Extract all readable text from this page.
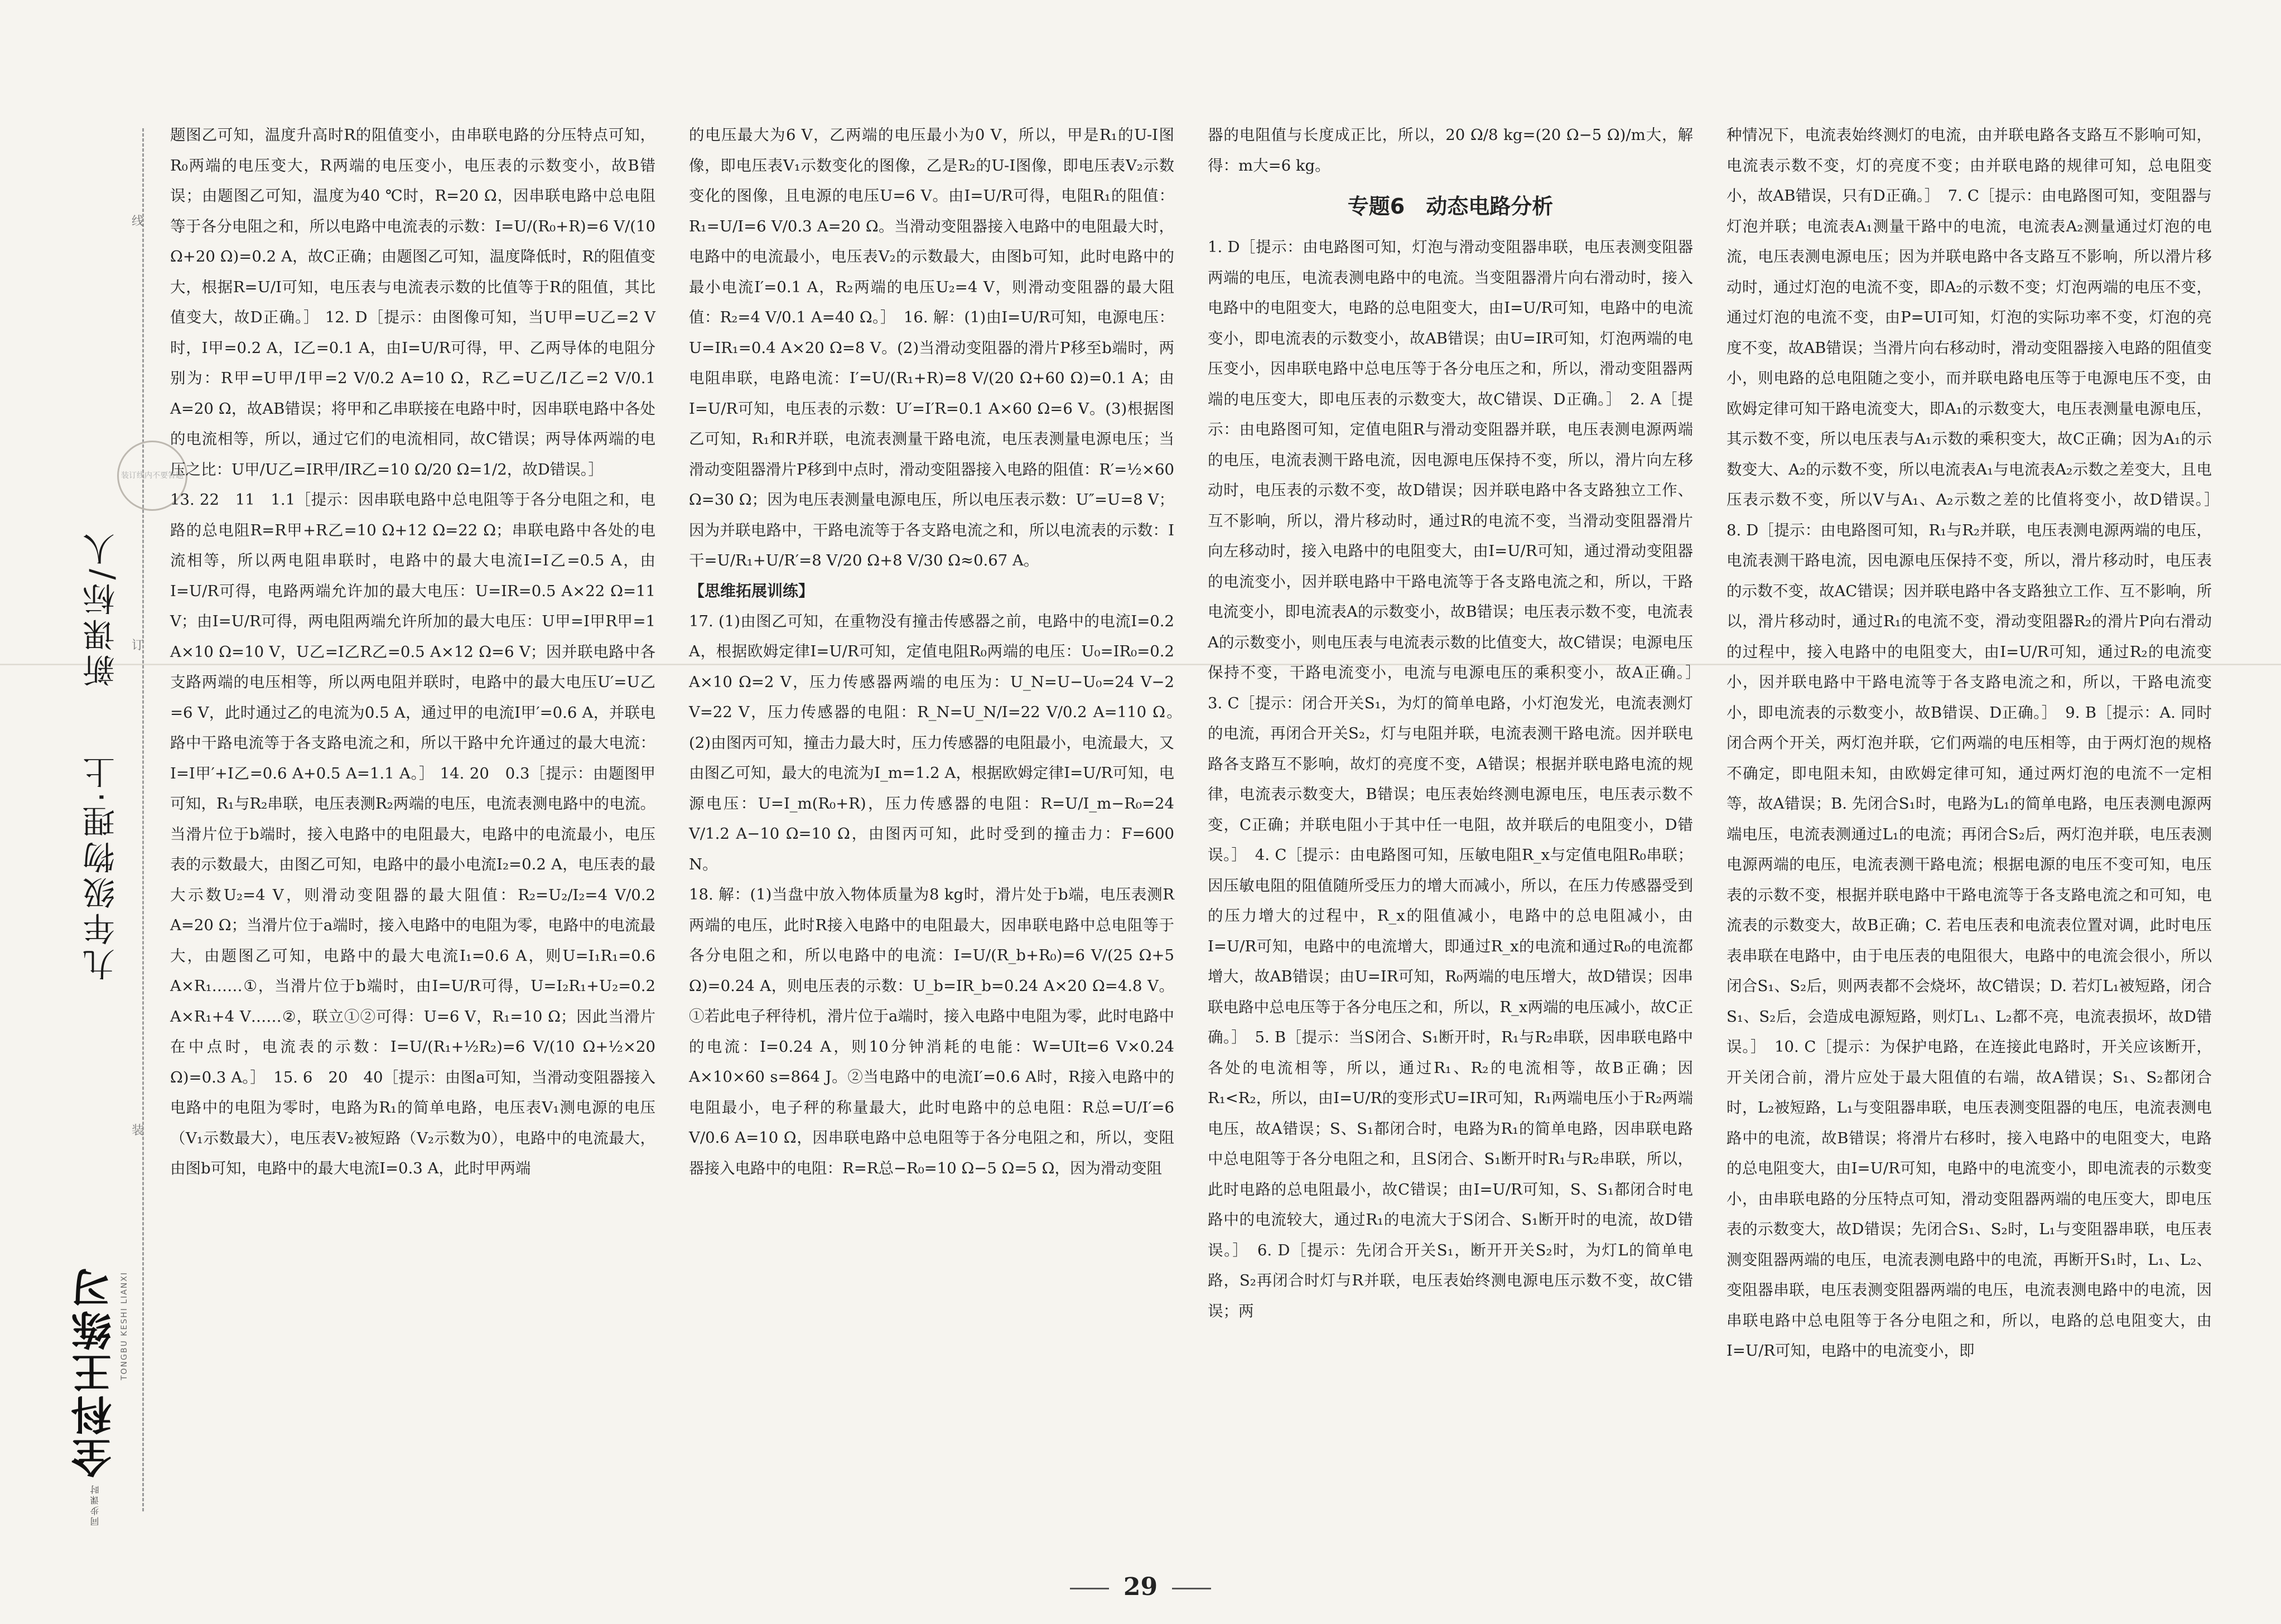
新课标/人
九年级物理·上
全科王练习
同步课时
TONGBU KESHI LIANXI
线
订
装
装订线内不要答题

题图乙可知，温度升高时R的阻值变小，由串联电路的分压特点可知，R₀两端的电压变大，R两端的电压变小，电压表的示数变小，故B错误；由题图乙可知，温度为40 ℃时，R=20 Ω，因串联电路中总电阻等于各分电阻之和，所以电路中电流表的示数：I=U/(R₀+R)=6 V/(10 Ω+20 Ω)=0.2 A，故C正确；由题图乙可知，温度降低时，R的阻值变大，根据R=U/I可知，电压表与电流表示数的比值等于R的阻值，其比值变大，故D正确。］ 12. D［提示：由图像可知，当U甲=U乙=2 V时，I甲=0.2 A，I乙=0.1 A，由I=U/R可得，甲、乙两导体的电阻分别为：R甲=U甲/I甲=2 V/0.2 A=10 Ω，R乙=U乙/I乙=2 V/0.1 A=20 Ω，故AB错误；将甲和乙串联接在电路中时，因串联电路中各处的电流相等，所以，通过它们的电流相同，故C错误；两导体两端的电压之比：U甲/U乙=IR甲/IR乙=10 Ω/20 Ω=1/2，故D错误。］

13. 22　11　1.1［提示：因串联电路中总电阻等于各分电阻之和，电路的总电阻R=R甲+R乙=10 Ω+12 Ω=22 Ω；串联电路中各处的电流相等，所以两电阻串联时，电路中的最大电流I=I乙=0.5 A，由I=U/R可得，电路两端允许加的最大电压：U=IR=0.5 A×22 Ω=11 V；由I=U/R可得，两电阻两端允许所加的最大电压：U甲=I甲R甲=1 A×10 Ω=10 V，U乙=I乙R乙=0.5 A×12 Ω=6 V；因并联电路中各支路两端的电压相等，所以两电阻并联时，电路中的最大电压U′=U乙=6 V，此时通过乙的电流为0.5 A，通过甲的电流I甲′=0.6 A，并联电路中干路电流等于各支路电流之和，所以干路中允许通过的最大电流：I=I甲′+I乙=0.6 A+0.5 A=1.1 A。］ 14. 20　0.3［提示：由题图甲可知，R₁与R₂串联，电压表测R₂两端的电压，电流表测电路中的电流。当滑片位于b端时，接入电路中的电阻最大，电路中的电流最小，电压表的示数最大，由图乙可知，电路中的最小电流I₂=0.2 A，电压表的最大示数U₂=4 V，则滑动变阻器的最大阻值：R₂=U₂/I₂=4 V/0.2 A=20 Ω；当滑片位于a端时，接入电路中的电阻为零，电路中的电流最大，由题图乙可知，电路中的最大电流I₁=0.6 A，则U=I₁R₁=0.6 A×R₁……①，当滑片位于b端时，由I=U/R可得，U=I₂R₁+U₂=0.2 A×R₁+4 V……②，联立①②可得：U=6 V，R₁=10 Ω；因此当滑片在中点时，电流表的示数：I=U/(R₁+½R₂)=6 V/(10 Ω+½×20 Ω)=0.3 A。］　15. 6　20　40［提示：由图a可知，当滑动变阻器接入电路中的电阻为零时，电路为R₁的简单电路，电压表V₁测电源的电压（V₁示数最大），电压表V₂被短路（V₂示数为0），电路中的电流最大，由图b可知，电路中的最大电流I=0.3 A，此时甲两端

的电压最大为6 V，乙两端的电压最小为0 V，所以，甲是R₁的U-I图像，即电压表V₁示数变化的图像，乙是R₂的U-I图像，即电压表V₂示数变化的图像，且电源的电压U=6 V。由I=U/R可得，电阻R₁的阻值：R₁=U/I=6 V/0.3 A=20 Ω。当滑动变阻器接入电路中的电阻最大时，电路中的电流最小，电压表V₂的示数最大，由图b可知，此时电路中的最小电流I′=0.1 A，R₂两端的电压U₂=4 V，则滑动变阻器的最大阻值：R₂=4 V/0.1 A=40 Ω。］　16. 解：(1)由I=U/R可知，电源电压：U=IR₁=0.4 A×20 Ω=8 V。(2)当滑动变阻器的滑片P移至b端时，两电阻串联，电路电流：I′=U/(R₁+R)=8 V/(20 Ω+60 Ω)=0.1 A；由I=U/R可知，电压表的示数：U′=I′R=0.1 A×60 Ω=6 V。(3)根据图乙可知，R₁和R并联，电流表测量干路电流，电压表测量电源电压；当滑动变阻器滑片P移到中点时，滑动变阻器接入电路的阻值：R′=½×60 Ω=30 Ω；因为电压表测量电源电压，所以电压表示数：U″=U=8 V；因为并联电路中，干路电流等于各支路电流之和，所以电流表的示数：I干=U/R₁+U/R′=8 V/20 Ω+8 V/30 Ω≈0.67 A。

【思维拓展训练】

17. (1)由图乙可知，在重物没有撞击传感器之前，电路中的电流I=0.2 A，根据欧姆定律I=U/R可知，定值电阻R₀两端的电压：U₀=IR₀=0.2 A×10 Ω=2 V，压力传感器两端的电压为：U_N=U−U₀=24 V−2 V=22 V，压力传感器的电阻：R_N=U_N/I=22 V/0.2 A=110 Ω。　(2)由图丙可知，撞击力最大时，压力传感器的电阻最小，电流最大，又由图乙可知，最大的电流为I_m=1.2 A，根据欧姆定律I=U/R可知，电源电压：U=I_m(R₀+R)，压力传感器的电阻：R=U/I_m−R₀=24 V/1.2 A−10 Ω=10 Ω，由图丙可知，此时受到的撞击力：F=600 N。

18. 解：(1)当盘中放入物体质量为8 kg时，滑片处于b端，电压表测R两端的电压，此时R接入电路中的电阻最大，因串联电路中总电阻等于各分电阻之和，所以电路中的电流：I=U/(R_b+R₀)=6 V/(25 Ω+5 Ω)=0.24 A，则电压表的示数：U_b=IR_b=0.24 A×20 Ω=4.8 V。①若此电子秤待机，滑片位于a端时，接入电路中电阻为零，此时电路中的电流：I=0.24 A，则10分钟消耗的电能：W=UIt=6 V×0.24 A×10×60 s=864 J。②当电路中的电流I′=0.6 A时，R接入电路中的电阻最小，电子秤的称量最大，此时电路中的总电阻：R总=U/I′=6 V/0.6 A=10 Ω，因串联电路中总电阻等于各分电阻之和，所以，变阻器接入电路中的电阻：R=R总−R₀=10 Ω−5 Ω=5 Ω，因为滑动变阻

器的电阻值与长度成正比，所以，20 Ω/8 kg=(20 Ω−5 Ω)/m大，解得：m大=6 kg。

专题6　动态电路分析

1. D［提示：由电路图可知，灯泡与滑动变阻器串联，电压表测变阻器两端的电压，电流表测电路中的电流。当变阻器滑片向右滑动时，接入电路中的电阻变大，电路的总电阻变大，由I=U/R可知，电路中的电流变小，即电流表的示数变小，故AB错误；由U=IR可知，灯泡两端的电压变小，因串联电路中总电压等于各分电压之和，所以，滑动变阻器两端的电压变大，即电压表的示数变大，故C错误、D正确。］　2. A［提示：由电路图可知，定值电阻R与滑动变阻器并联，电压表测电源两端的电压，电流表测干路电流，因电源电压保持不变，所以，滑片向左移动时，电压表的示数不变，故D错误；因并联电路中各支路独立工作、互不影响，所以，滑片移动时，通过R的电流不变，当滑动变阻器滑片向左移动时，接入电路中的电阻变大，由I=U/R可知，通过滑动变阻器的电流变小，因并联电路中干路电流等于各支路电流之和，所以，干路电流变小，即电流表A的示数变小，故B错误；电压表示数不变，电流表A的示数变小，则电压表与电流表示数的比值变大，故C错误；电源电压保持不变，干路电流变小，电流与电源电压的乘积变小，故A正确。］　3. C［提示：闭合开关S₁，为灯的简单电路，小灯泡发光，电流表测灯的电流，再闭合开关S₂，灯与电阻并联，电流表测干路电流。因并联电路各支路互不影响，故灯的亮度不变，A错误；根据并联电路电流的规律，电流表示数变大，B错误；电压表始终测电源电压，电压表示数不变，C正确；并联电阻小于其中任一电阻，故并联后的电阻变小，D错误。］　4. C［提示：由电路图可知，压敏电阻R_x与定值电阻R₀串联；因压敏电阻的阻值随所受压力的增大而减小，所以，在压力传感器受到的压力增大的过程中，R_x的阻值减小，电路中的总电阻减小，由I=U/R可知，电路中的电流增大，即通过R_x的电流和通过R₀的电流都增大，故AB错误；由U=IR可知，R₀两端的电压增大，故D错误；因串联电路中总电压等于各分电压之和，所以，R_x两端的电压减小，故C正确。］　5. B［提示：当S闭合、S₁断开时，R₁与R₂串联，因串联电路中各处的电流相等，所以，通过R₁、R₂的电流相等，故B正确；因R₁<R₂，所以，由I=U/R的变形式U=IR可知，R₁两端电压小于R₂两端电压，故A错误；S、S₁都闭合时，电路为R₁的简单电路，因串联电路中总电阻等于各分电阻之和，且S闭合、S₁断开时R₁与R₂串联，所以，此时电路的总电阻最小，故C错误；由I=U/R可知，S、S₁都闭合时电路中的电流较大，通过R₁的电流大于S闭合、S₁断开时的电流，故D错误。］　6. D［提示：先闭合开关S₁，断开开关S₂时，为灯L的简单电路，S₂再闭合时灯与R并联，电压表始终测电源电压示数不变，故C错误；两

种情况下，电流表始终测灯的电流，由并联电路各支路互不影响可知，电流表示数不变，灯的亮度不变；由并联电路的规律可知，总电阻变小，故AB错误，只有D正确。］　7. C［提示：由电路图可知，变阻器与灯泡并联；电流表A₁测量干路中的电流，电流表A₂测量通过灯泡的电流，电压表测电源电压；因为并联电路中各支路互不影响，所以滑片移动时，通过灯泡的电流不变，即A₂的示数不变；灯泡两端的电压不变，通过灯泡的电流不变，由P=UI可知，灯泡的实际功率不变，灯泡的亮度不变，故AB错误；当滑片向右移动时，滑动变阻器接入电路的阻值变小，则电路的总电阻随之变小，而并联电路电压等于电源电压不变，由欧姆定律可知干路电流变大，即A₁的示数变大，电压表测量电源电压，其示数不变，所以电压表与A₁示数的乘积变大，故C正确；因为A₁的示数变大、A₂的示数不变，所以电流表A₁与电流表A₂示数之差变大，且电压表示数不变，所以V与A₁、A₂示数之差的比值将变小，故D错误。］　8. D［提示：由电路图可知，R₁与R₂并联，电压表测电源两端的电压，电流表测干路电流，因电源电压保持不变，所以，滑片移动时，电压表的示数不变，故AC错误；因并联电路中各支路独立工作、互不影响，所以，滑片移动时，通过R₁的电流不变，滑动变阻器R₂的滑片P向右滑动的过程中，接入电路中的电阻变大，由I=U/R可知，通过R₂的电流变小，因并联电路中干路电流等于各支路电流之和，所以，干路电流变小，即电流表的示数变小，故B错误、D正确。］　9. B［提示：A. 同时闭合两个开关，两灯泡并联，它们两端的电压相等，由于两灯泡的规格不确定，即电阻未知，由欧姆定律可知，通过两灯泡的电流不一定相等，故A错误；B. 先闭合S₁时，电路为L₁的简单电路，电压表测电源两端电压，电流表测通过L₁的电流；再闭合S₂后，两灯泡并联，电压表测电源两端的电压，电流表测干路电流；根据电源的电压不变可知，电压表的示数不变，根据并联电路中干路电流等于各支路电流之和可知，电流表的示数变大，故B正确；C. 若电压表和电流表位置对调，此时电压表串联在电路中，由于电压表的电阻很大，电路中的电流会很小，所以闭合S₁、S₂后，则两表都不会烧坏，故C错误；D. 若灯L₁被短路，闭合S₁、S₂后，会造成电源短路，则灯L₁、L₂都不亮，电流表损坏，故D错误。］　10. C［提示：为保护电路，在连接此电路时，开关应该断开，开关闭合前，滑片应处于最大阻值的右端，故A错误；S₁、S₂都闭合时，L₂被短路，L₁与变阻器串联，电压表测变阻器的电压，电流表测电路中的电流，故B错误；将滑片右移时，接入电路中的电阻变大，电路的总电阻变大，由I=U/R可知，电路中的电流变小，即电流表的示数变小，由串联电路的分压特点可知，滑动变阻器两端的电压变大，即电压表的示数变大，故D错误；先闭合S₁、S₂时，L₁与变阻器串联，电压表测变阻器两端的电压，电流表测电路中的电流，再断开S₁时，L₁、L₂、变阻器串联，电压表测变阻器两端的电压，电流表测电路中的电流，因串联电路中总电阻等于各分电阻之和，所以，电路的总电阻变大，由I=U/R可知，电路中的电流变小，即

29
